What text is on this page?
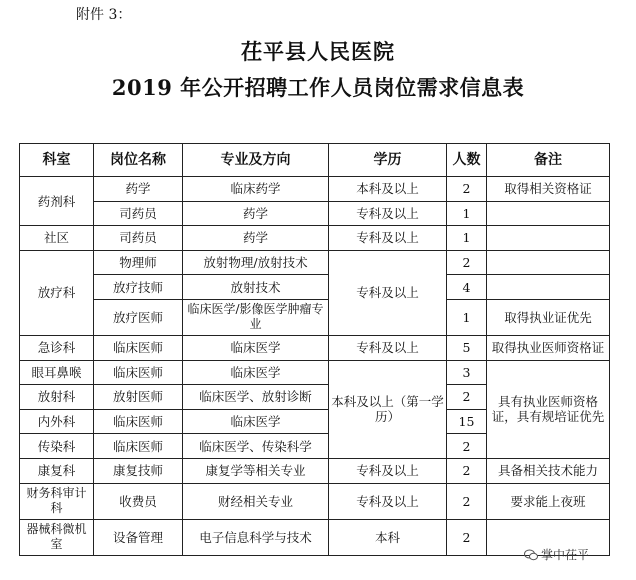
附件 3：
茌平县人民医院
2019 年公开招聘工作人员岗位需求信息表
科室	岗位名称	专业及方向	学历	人数	备注
药剂科	药学	临床药学	本科及以上	2	取得相关资格证
	司药员	药学	专科及以上	1	
社区	司药员	药学	专科及以上	1	
放疗科	物理师	放射物理/放射技术	专科及以上	2	
	放疗技师	放射技术		4	
	放疗医师	临床医学/影像医学肿瘤专业		1	取得执业证优先
急诊科	临床医师	临床医学	专科及以上	5	取得执业医师资格证
眼耳鼻喉	临床医师	临床医学	本科及以上（第一学历）	3	具有执业医师资格证，具有规培证优先
放射科	放射医师	临床医学、放射诊断		2	
内外科	临床医师	临床医学		15	
传染科	临床医师	临床医学、传染科学		2	
康复科	康复技师	康复学等相关专业	专科及以上	2	具备相关技术能力
财务科审计科	收费员	财经相关专业	专科及以上	2	要求能上夜班
器械科微机室	设备管理	电子信息科学与技术	本科	2	
掌中茌平
